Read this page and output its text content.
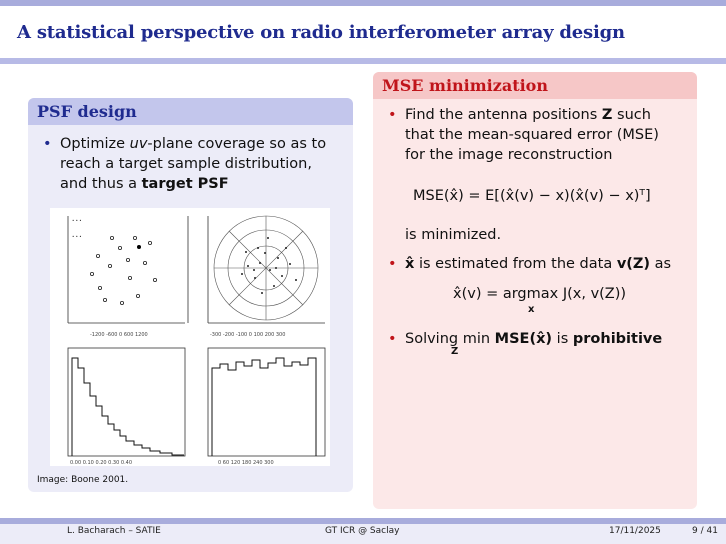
A statistical perspective on radio interferometer array design
PSF design
• Optimize uv-plane coverage so as to
reach a target sample distribution,
and thus a target PSF
• • •
• • •
-1200 -600 0 600 1200	-300 -200 -100 0 100 200 300
0.00 0.10 0.20 0.30 0.40	0 60 120 180 240 300
Image: Boone 2001.
MSE minimization
• Find the antenna positions Z such
that the mean-squared error (MSE)
for the image reconstruction
MSE(x̂) = E[(x̂(v) − x)(x̂(v) − x)ᵀ]
is minimized.
• x̂ is estimated from the data v(Z) as
x̂(v) = argmax J(x, v(Z))
x
• Solving min MSE(x̂) is prohibitive
Z
L. Bacharach – SATIE	GT ICR @ Saclay	17/11/2025	9 / 41
